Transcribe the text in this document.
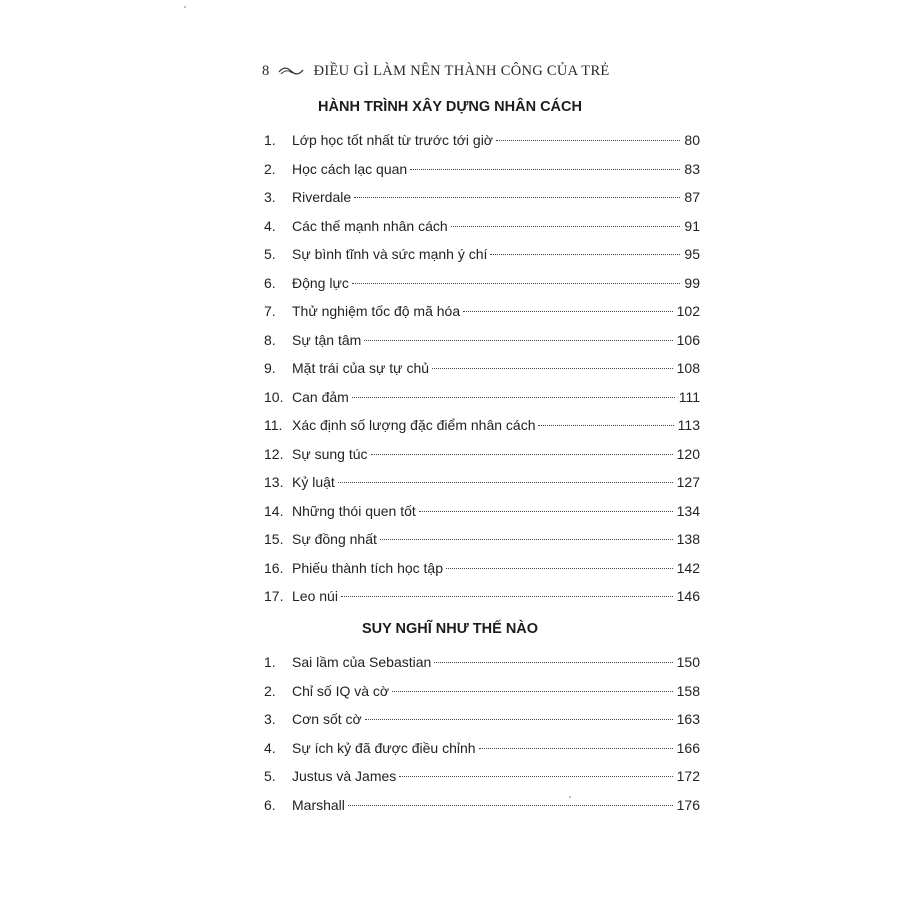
8	ĐIỀU GÌ LÀM NÊN THÀNH CÔNG CỦA TRẺ
HÀNH TRÌNH XÂY DỰNG NHÂN CÁCH
1.	Lớp học tốt nhất từ trước tới giờ	80
2.	Học cách lạc quan	83
3.	Riverdale	87
4.	Các thế mạnh nhân cách	91
5.	Sự bình tĩnh và sức mạnh ý chí	95
6.	Động lực	99
7.	Thử nghiệm tốc độ mã hóa	102
8.	Sự tận tâm	106
9.	Mặt trái của sự tự chủ	108
10. Can đảm	111
11. Xác định số lượng đặc điểm nhân cách	113
12. Sự sung túc	120
13. Kỷ luật	127
14. Những thói quen tốt	134
15. Sự đồng nhất	138
16. Phiếu thành tích học tập	142
17. Leo núi	146
SUY NGHĨ NHƯ THẾ NÀO
1.	Sai lầm của Sebastian	150
2.	Chỉ số IQ và cờ	158
3.	Cơn sốt cờ	163
4.	Sự ích kỷ đã được điều chỉnh	166
5.	Justus và James	172
6.	Marshall	176
